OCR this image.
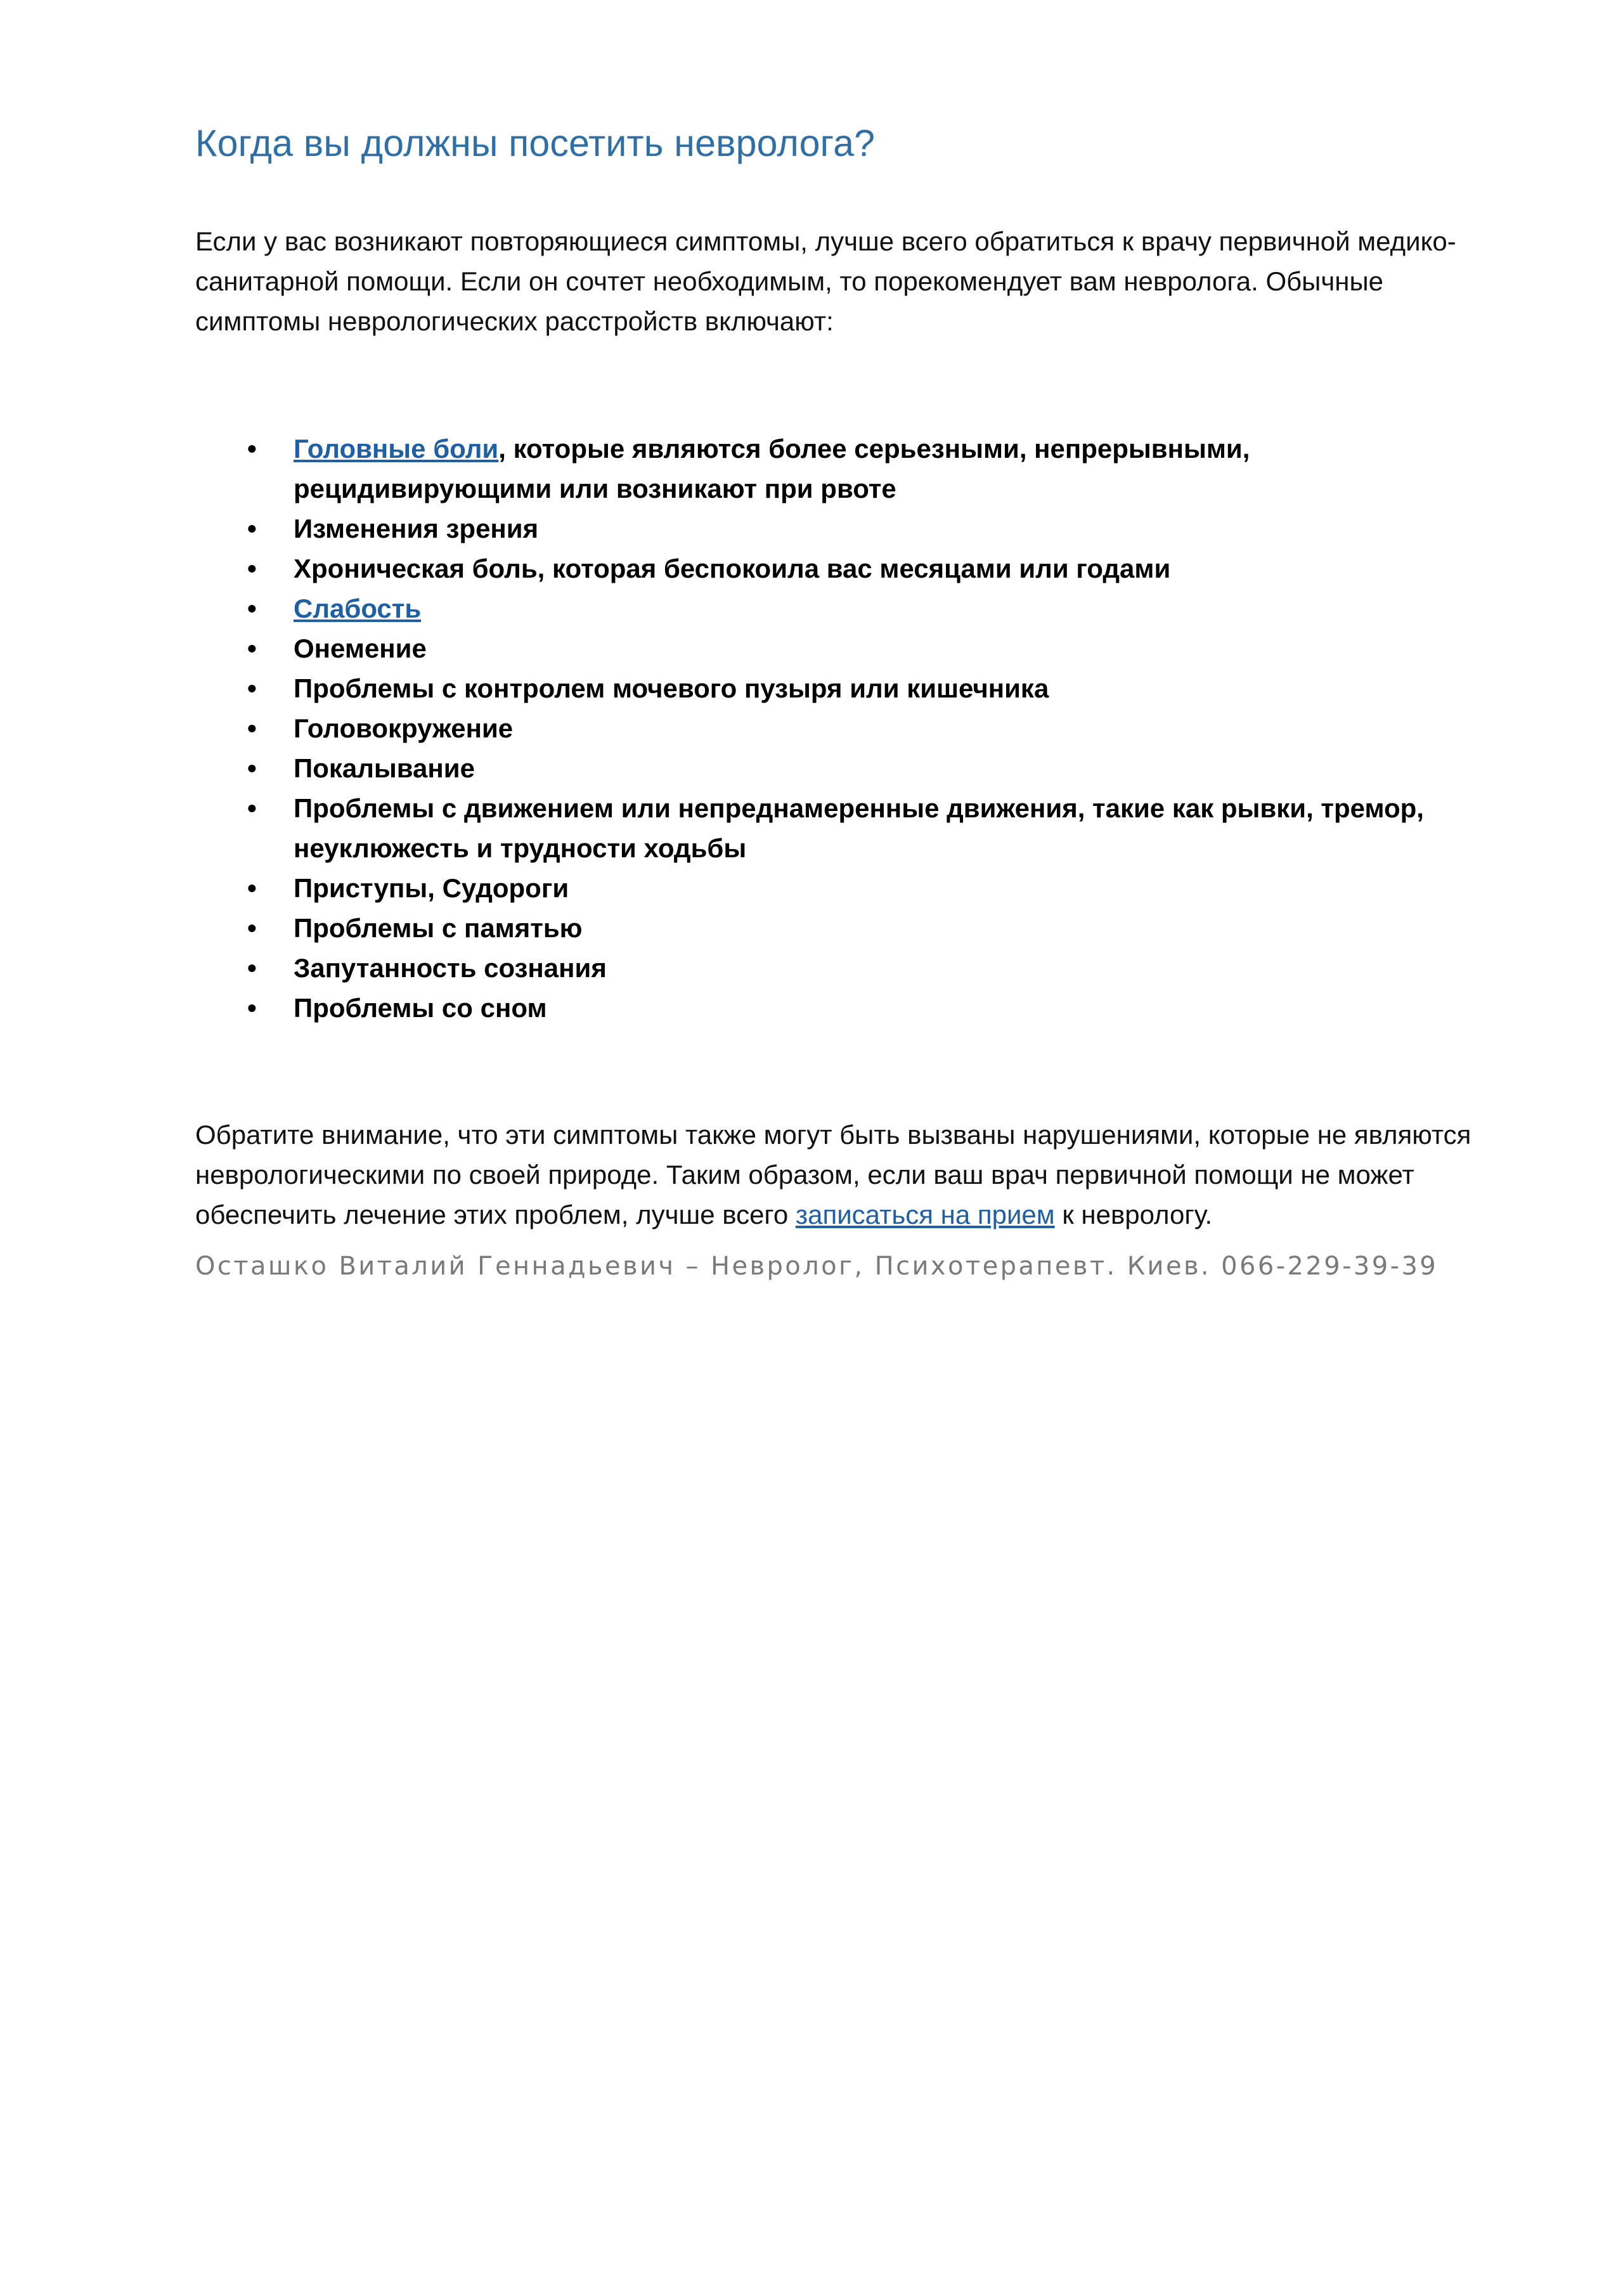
Когда вы должны посетить невролога?

Если у вас возникают повторяющиеся симптомы, лучше всего обратиться к врачу первичной медико-санитарной помощи. Если он сочтет необходимым, то порекомендует вам невролога. Обычные симптомы неврологических расстройств включают:

•	Головные боли, которые являются более серьезными, непрерывными, рецидивирующими или возникают при рвоте
•	Изменения зрения
•	Хроническая боль, которая беспокоила вас месяцами или годами
•	Слабость
•	Онемение
•	Проблемы с контролем мочевого пузыря или кишечника
•	Головокружение
•	Покалывание
•	Проблемы с движением или непреднамеренные движения, такие как рывки, тремор, неуклюжесть и трудности ходьбы
•	Приступы, Судороги
•	Проблемы с памятью
•	Запутанность сознания
•	Проблемы со сном

Обратите внимание, что эти симптомы также могут быть вызваны нарушениями, которые не являются неврологическими по своей природе. Таким образом, если ваш врач первичной помощи не может обеспечить лечение этих проблем, лучше всего записаться на прием к неврологу.

Осташко Виталий Геннадьевич – Невролог, Психотерапевт. Киев. 066-229-39-39
